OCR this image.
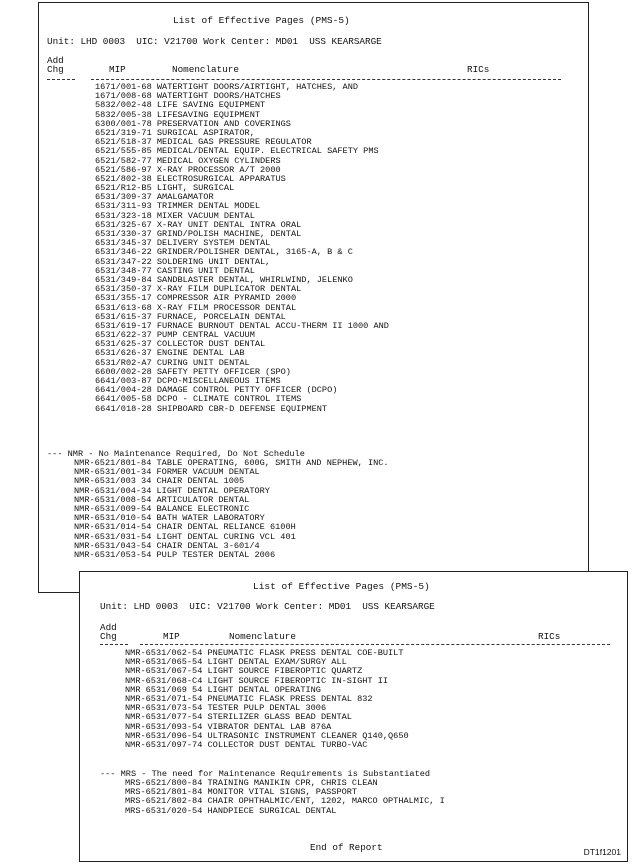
List of Effective Pages (PMS-5)
Unit: LHD 0003  UIC: V21700 Work Center: MD01  USS KEARSARGE
Add
Chg	MIP	Nomenclature	RICs
1671/001-68 WATERTIGHT DOORS/AIRTIGHT, HATCHES, AND
1671/008-68 WATERTIGHT DOORS/HATCHES
5832/002-48 LIFE SAVING EQUIPMENT
5832/005-38 LIFESAVING EQUIPMENT
6300/001-78 PRESERVATION AND COVERINGS
6521/319-71 SURGICAL ASPIRATOR,
6521/518-37 MEDICAL GAS PRESSURE REGULATOR
6521/555-85 MEDICAL/DENTAL EQUIP. ELECTRICAL SAFETY PMS
6521/582-77 MEDICAL OXYGEN CYLINDERS
6521/586-97 X-RAY PROCESSOR A/T 2000
6521/802-38 ELECTROSURGICAL APPARATUS
6521/R12-B5 LIGHT, SURGICAL
6531/309-37 AMALGAMATOR
6531/311-93 TRIMMER DENTAL MODEL
6531/323-18 MIXER VACUUM DENTAL
6531/325-67 X-RAY UNIT DENTAL INTRA ORAL
6531/330-37 GRIND/POLISH MACHINE, DENTAL
6531/345-37 DELIVERY SYSTEM DENTAL
6531/346-22 GRINDER/POLISHER DENTAL, 3165-A, B & C
6531/347-22 SOLDERING UNIT DENTAL,
6531/348-77 CASTING UNIT DENTAL
6531/349-84 SANDBLASTER DENTAL, WHIRLWIND, JELENKO
6531/350-37 X-RAY FILM DUPLICATOR DENTAL
6531/355-17 COMPRESSOR AIR PYRAMID 2000
6531/613-68 X-RAY FILM PROCESSOR DENTAL
6531/615-37 FURNACE, PORCELAIN DENTAL
6531/619-17 FURNACE BURNOUT DENTAL ACCU-THERM II 1000 AND
6531/622-37 PUMP CENTRAL VACUUM
6531/625-37 COLLECTOR DUST DENTAL
6531/626-37 ENGINE DENTAL LAB
6531/R02-A7 CURING UNIT DENTAL
6600/002-28 SAFETY PETTY OFFICER (SPO)
6641/003-87 DCPO-MISCELLANEOUS ITEMS
6641/004-28 DAMAGE CONTROL PETTY OFFICER (DCPO)
6641/005-58 DCPO - CLIMATE CONTROL ITEMS
6641/018-28 SHIPBOARD CBR-D DEFENSE EQUIPMENT
--- NMR - No Maintenance Required, Do Not Schedule
NMR-6521/801-84 TABLE OPERATING, 600G, SMITH AND NEPHEW, INC.
NMR-6531/001-34 FORMER VACUUM DENTAL
NMR-6531/003 34 CHAIR DENTAL 1005
NMR-6531/004-34 LIGHT DENTAL OPERATORY
NMR-6531/008-54 ARTICULATOR DENTAL
NMR-6531/009-54 BALANCE ELECTRONIC
NMR-6531/010-54 BATH WATER LABORATORY
NMR-6531/014-54 CHAIR DENTAL RELIANCE 6100H
NMR-6531/031-54 LIGHT DENTAL CURING VCL 401
NMR-6531/043-54 CHAIR DENTAL 3-601/4
NMR-6531/053-54 PULP TESTER DENTAL 2006
List of Effective Pages (PMS-5)
Unit: LHD 0003  UIC: V21700 Work Center: MD01  USS KEARSARGE
Add
Chg	MIP	Nomenclature	RICs
NMR-6531/062-54 PNEUMATIC FLASK PRESS DENTAL COE-BUILT
NMR-6531/065-54 LIGHT DENTAL EXAM/SURGY ALL
NMR-6531/067-54 LIGHT SOURCE FIBEROPTIC QUARTZ
NMR-6531/068-C4 LIGHT SOURCE FIBEROPTIC IN-SIGHT II
NMR 6531/069 54 LIGHT DENTAL OPERATING
NMR-6531/071-54 PNEUMATIC FLASK PRESS DENTAL 832
NMR-6531/073-54 TESTER PULP DENTAL 3006
NMR-6531/077-54 STERILIZER GLASS BEAD DENTAL
NMR-6531/093-54 VIBRATOR DENTAL LAB 876A
NMR-6531/096-54 ULTRASONIC INSTRUMENT CLEANER Q140,Q650
NMR-6531/097-74 COLLECTOR DUST DENTAL TURBO-VAC
--- MRS - The need for Maintenance Requirements is Substantiated
MRS-6521/800-84 TRAINING MANIKIN CPR, CHRIS CLEAN
MRS-6521/801-84 MONITOR VITAL SIGNS, PASSPORT
MRS-6521/802-84 CHAIR OPHTHALMIC/ENT, 1202, MARCO OPTHALMIC, I
MRS-6531/020-54 HANDPIECE SURGICAL DENTAL
End of Report	DT1f1201
